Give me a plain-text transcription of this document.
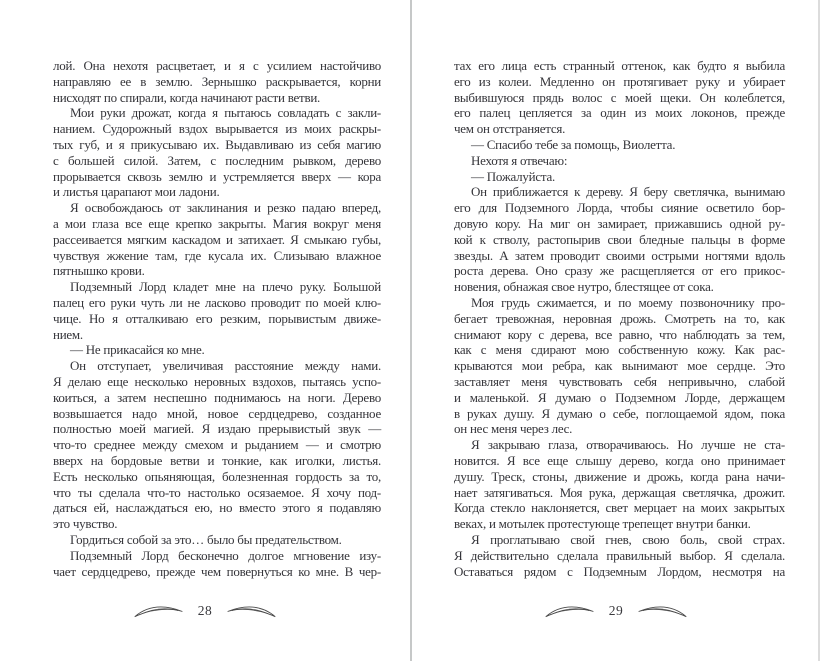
лой. Она нехотя расцветает, и я с усилием настойчиво
направляю ее в землю. Зернышко раскрывается, корни
нисходят по спирали, когда начинают расти ветви.
Мои руки дрожат, когда я пытаюсь совладать с закли-
нанием. Судорожный вздох вырывается из моих раскры-
тых губ, и я прикусываю их. Выдавливаю из себя магию
с большей силой. Затем, с последним рывком, дерево
прорывается сквозь землю и устремляется вверх — кора
и листья царапают мои ладони.
Я освобождаюсь от заклинания и резко падаю вперед,
а мои глаза все еще крепко закрыты. Магия вокруг меня
рассеивается мягким каскадом и затихает. Я смыкаю губы,
чувствуя жжение там, где кусала их. Слизываю влажное
пятнышко крови.
Подземный Лорд кладет мне на плечо руку. Большой
палец его руки чуть ли не ласково проводит по моей клю-
чице. Но я отталкиваю его резким, порывистым движе-
нием.
— Не прикасайся ко мне.
Он отступает, увеличивая расстояние между нами.
Я делаю еще несколько неровных вздохов, пытаясь успо-
коиться, а затем неспешно поднимаюсь на ноги. Дерево
возвышается надо мной, новое сердцедрево, созданное
полностью моей магией. Я издаю прерывистый звук —
что-то среднее между смехом и рыданием — и смотрю
вверх на бордовые ветви и тонкие, как иголки, листья.
Есть несколько опьяняющая, болезненная гордость за то,
что ты сделала что-то настолько осязаемое. Я хочу под-
даться ей, наслаждаться ею, но вместо этого я подавляю
это чувство.
Гордиться собой за это… было бы предательством.
Подземный Лорд бесконечно долгое мгновение изу-
чает сердцедрево, прежде чем повернуться ко мне. В чер-
28
тах его лица есть странный оттенок, как будто я выбила
его из колеи. Медленно он протягивает руку и убирает
выбившуюся прядь волос с моей щеки. Он колеблется,
его палец цепляется за один из моих локонов, прежде
чем он отстраняется.
— Спасибо тебе за помощь, Виолетта.
Нехотя я отвечаю:
— Пожалуйста.
Он приближается к дереву. Я беру светлячка, вынимаю
его для Подземного Лорда, чтобы сияние осветило бор-
довую кору. На миг он замирает, прижавшись одной ру-
кой к стволу, растопырив свои бледные пальцы в форме
звезды. А затем проводит своими острыми ногтями вдоль
роста дерева. Оно сразу же расщепляется от его прикос-
новения, обнажая свое нутро, блестящее от сока.
Моя грудь сжимается, и по моему позвоночнику про-
бегает тревожная, неровная дрожь. Смотреть на то, как
снимают кору с дерева, все равно, что наблюдать за тем,
как с меня сдирают мою собственную кожу. Как рас-
крываются мои ребра, как вынимают мое сердце. Это
заставляет меня чувствовать себя непривычно, слабой
и маленькой. Я думаю о Подземном Лорде, держащем
в руках душу. Я думаю о себе, поглощаемой ядом, пока
он нес меня через лес.
Я закрываю глаза, отворачиваюсь. Но лучше не ста-
новится. Я все еще слышу дерево, когда оно принимает
душу. Треск, стоны, движение и дрожь, когда рана начи-
нает затягиваться. Моя рука, держащая светлячка, дрожит.
Когда стекло наклоняется, свет мерцает на моих закрытых
веках, и мотылек протестующе трепещет внутри банки.
Я проглатываю свой гнев, свою боль, свой страх.
Я действительно сделала правильный выбор. Я сделала.
Оставаться рядом с Подземным Лордом, несмотря на
29
